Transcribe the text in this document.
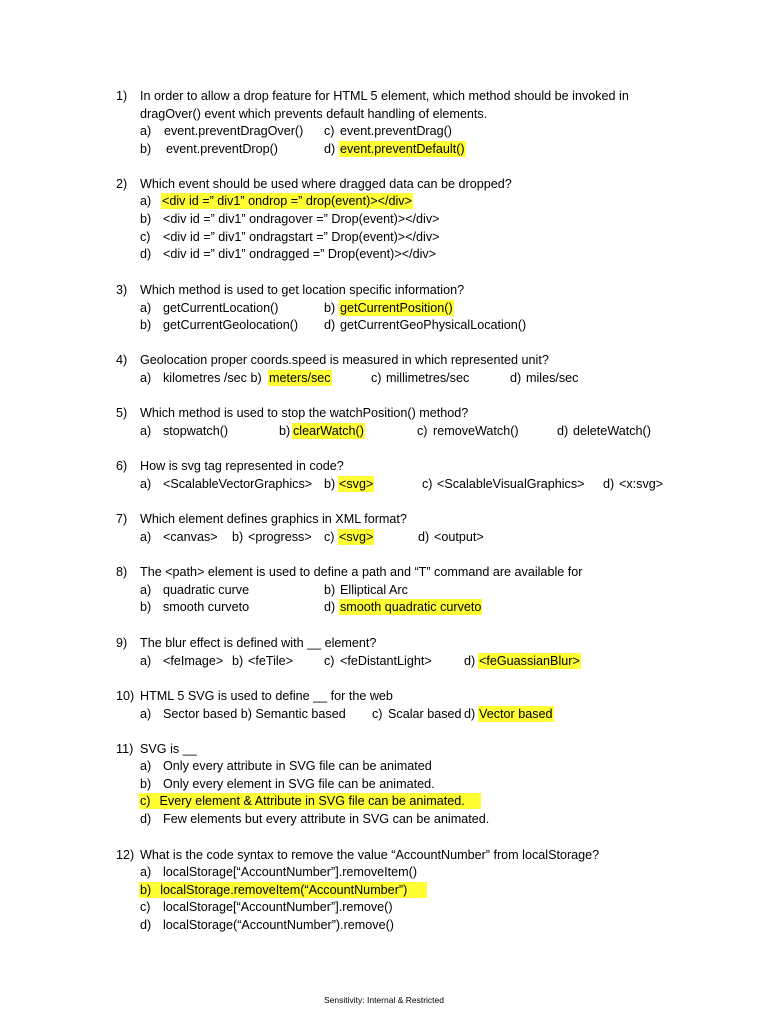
1) In order to allow a drop feature for HTML 5 element, which method should be invoked in
dragOver() event which prevents default handling of elements.
a) event.preventDragOver() c) event.preventDrag()
b) event.preventDrop()	d) event.preventDefault()
2) Which event should be used where dragged data can be dropped?
a) <div id =” div1” ondrop =” drop(event)></div>
b) <div id =” div1” ondragover =” Drop(event)></div>
c) <div id =” div1” ondragstart =” Drop(event)></div>
d) <div id =” div1” ondragged =” Drop(event)></div>
3) Which method is used to get location specific information?
a) getCurrentLocation()	b) getCurrentPosition()
b) getCurrentGeolocation() d) getCurrentGeoPhysicalLocation()
4) Geolocation proper coords.speed is measured in which represented unit?
a) kilometres /sec b) meters/sec	c) millimetres/sec	d) miles/sec
5) Which method is used to stop the watchPosition() method?
a) stopwatch()	b) clearWatch()	c) removeWatch()	d) deleteWatch()
6) How is svg tag represented in code?
a) <ScalableVectorGraphics> b) <svg>	c) <ScalableVisualGraphics> d) <x:svg>
7) Which element defines graphics in XML format?
a) <canvas> b) <progress> c) <svg>	d) <output>
8) The <path> element is used to define a path and “T” command are available for
a) quadratic curve	b) Elliptical Arc
b) smooth curveto	d) smooth quadratic curveto
9) The blur effect is defined with __ element?
a) <feImage> b) <feTile> c) <feDistantLight>	d) <feGuassianBlur>
10) HTML 5 SVG is used to define __ for the web
a) Sector based b) Semantic based c) Scalar based d) Vector based
11) SVG is __
a) Only every attribute in SVG file can be animated
b) Only every element in SVG file can be animated.
c) Every element & Attribute in SVG file can be animated.
d) Few elements but every attribute in SVG can be animated.
12) What is the code syntax to remove the value “AccountNumber” from localStorage?
a) localStorage[“AccountNumber”].removeItem()
b) localStorage.removeItem(“AccountNumber”)
c) localStorage[“AccountNumber”].remove()
d) localStorage(“AccountNumber”).remove()
Sensitivity: Internal & Restricted
